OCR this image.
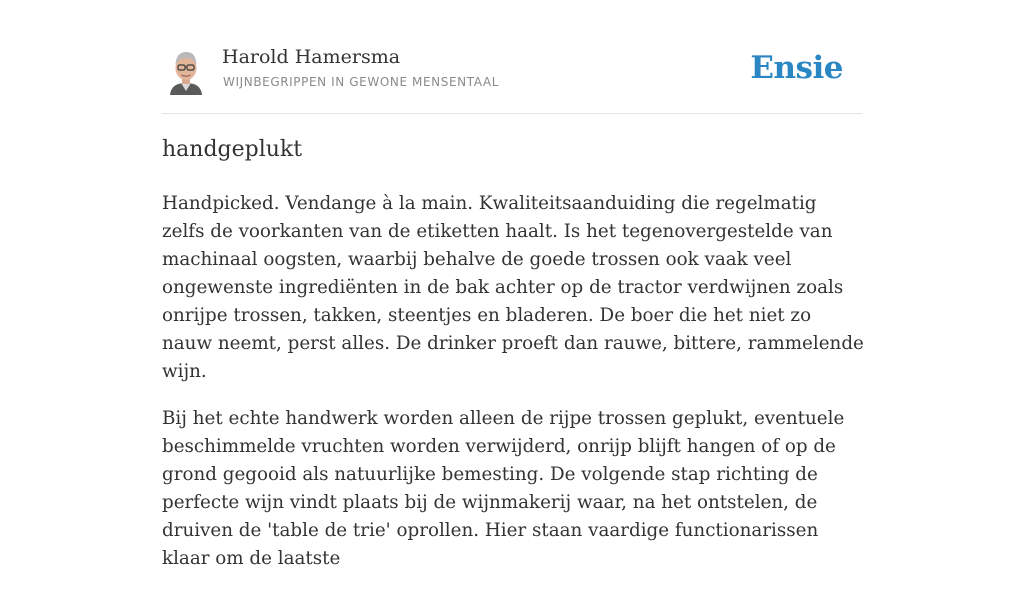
Harold Hamersma
WIJNBEGRIPPEN IN GEWONE MENSENTAAL	Ensie
handgeplukt

Handpicked. Vendange à la main. Kwaliteitsaanduiding die regelmatig zelfs de voorkanten van de etiketten haalt. Is het tegenovergestelde van machinaal oogsten, waarbij behalve de goede trossen ook vaak veel ongewenste ingrediënten in de bak achter op de tractor verdwijnen zoals onrijpe trossen, takken, steentjes en bladeren. De boer die het niet zo nauw neemt, perst alles. De drinker proeft dan rauwe, bittere, rammelende wijn.

Bij het echte handwerk worden alleen de rijpe trossen geplukt, eventuele beschimmelde vruchten worden verwijderd, onrijp blijft hangen of op de grond gegooid als natuurlijke bemesting. De volgende stap richting de perfecte wijn vindt plaats bij de wijnmakerij waar, na het ontstelen, de druiven de 'table de trie' oprollen. Hier staan vaardige functionarissen klaar om de laatste
